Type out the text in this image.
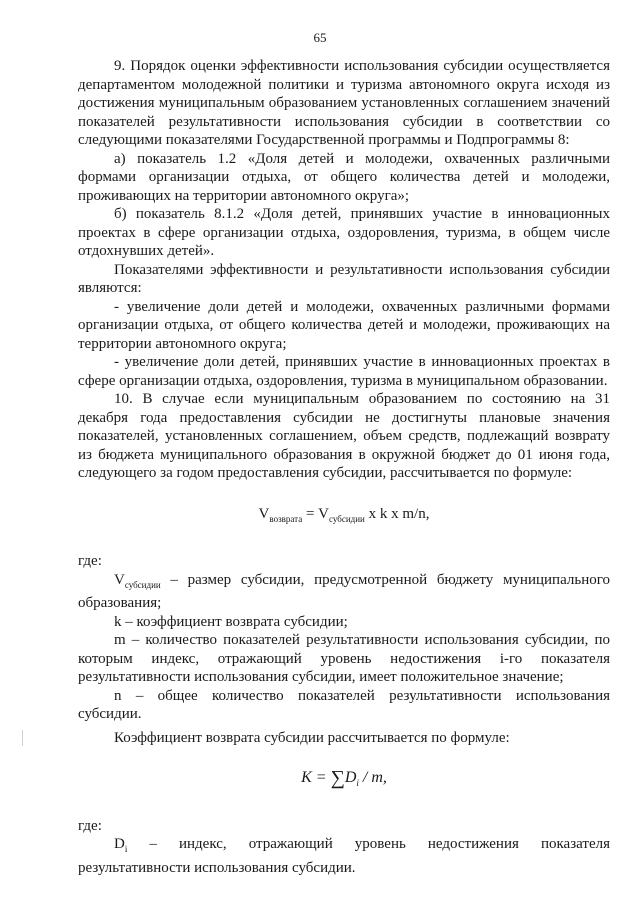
65

9. Порядок оценки эффективности использования субсидии осуществляется департаментом молодежной политики и туризма автономного округа исходя из достижения муниципальным образованием установленных соглашением значений показателей результативности использования субсидии в соответствии со следующими показателями Государственной программы и Подпрограммы 8:

а) показатель 1.2 «Доля детей и молодежи, охваченных различными формами организации отдыха, от общего количества детей и молодежи, проживающих на территории автономного округа»;

б) показатель 8.1.2 «Доля детей, принявших участие в инновационных проектах в сфере организации отдыха, оздоровления, туризма, в общем числе отдохнувших детей».

Показателями эффективности и результативности использования субсидии являются:

- увеличение доли детей и молодежи, охваченных различными формами организации отдыха, от общего количества детей и молодежи, проживающих на территории автономного округа;

- увеличение доли детей, принявших участие в инновационных проектах в сфере организации отдыха, оздоровления, туризма в муниципальном образовании.

10. В случае если муниципальным образованием по состоянию на 31 декабря года предоставления субсидии не достигнуты плановые значения показателей, установленных соглашением, объем средств, подлежащий возврату из бюджета муниципального образования в окружной бюджет до 01 июня года, следующего за годом предоставления субсидии, рассчитывается по формуле:

$V_{возврата} = V_{субсидии}$ x k x m/n,

где:

$V_{субсидии}$ – размер субсидии, предусмотренной бюджету муниципального образования;

k – коэффициент возврата субсидии;

m – количество показателей результативности использования субсидии, по которым индекс, отражающий уровень недостижения i-го показателя результативности использования субсидии, имеет положительное значение;

n – общее количество показателей результативности использования субсидии.

Коэффициент возврата субсидии рассчитывается по формуле:

$K = \sum D_i / m$,

где:

$D_i$ – индекс, отражающий уровень недостижения показателя результативности использования субсидии.
